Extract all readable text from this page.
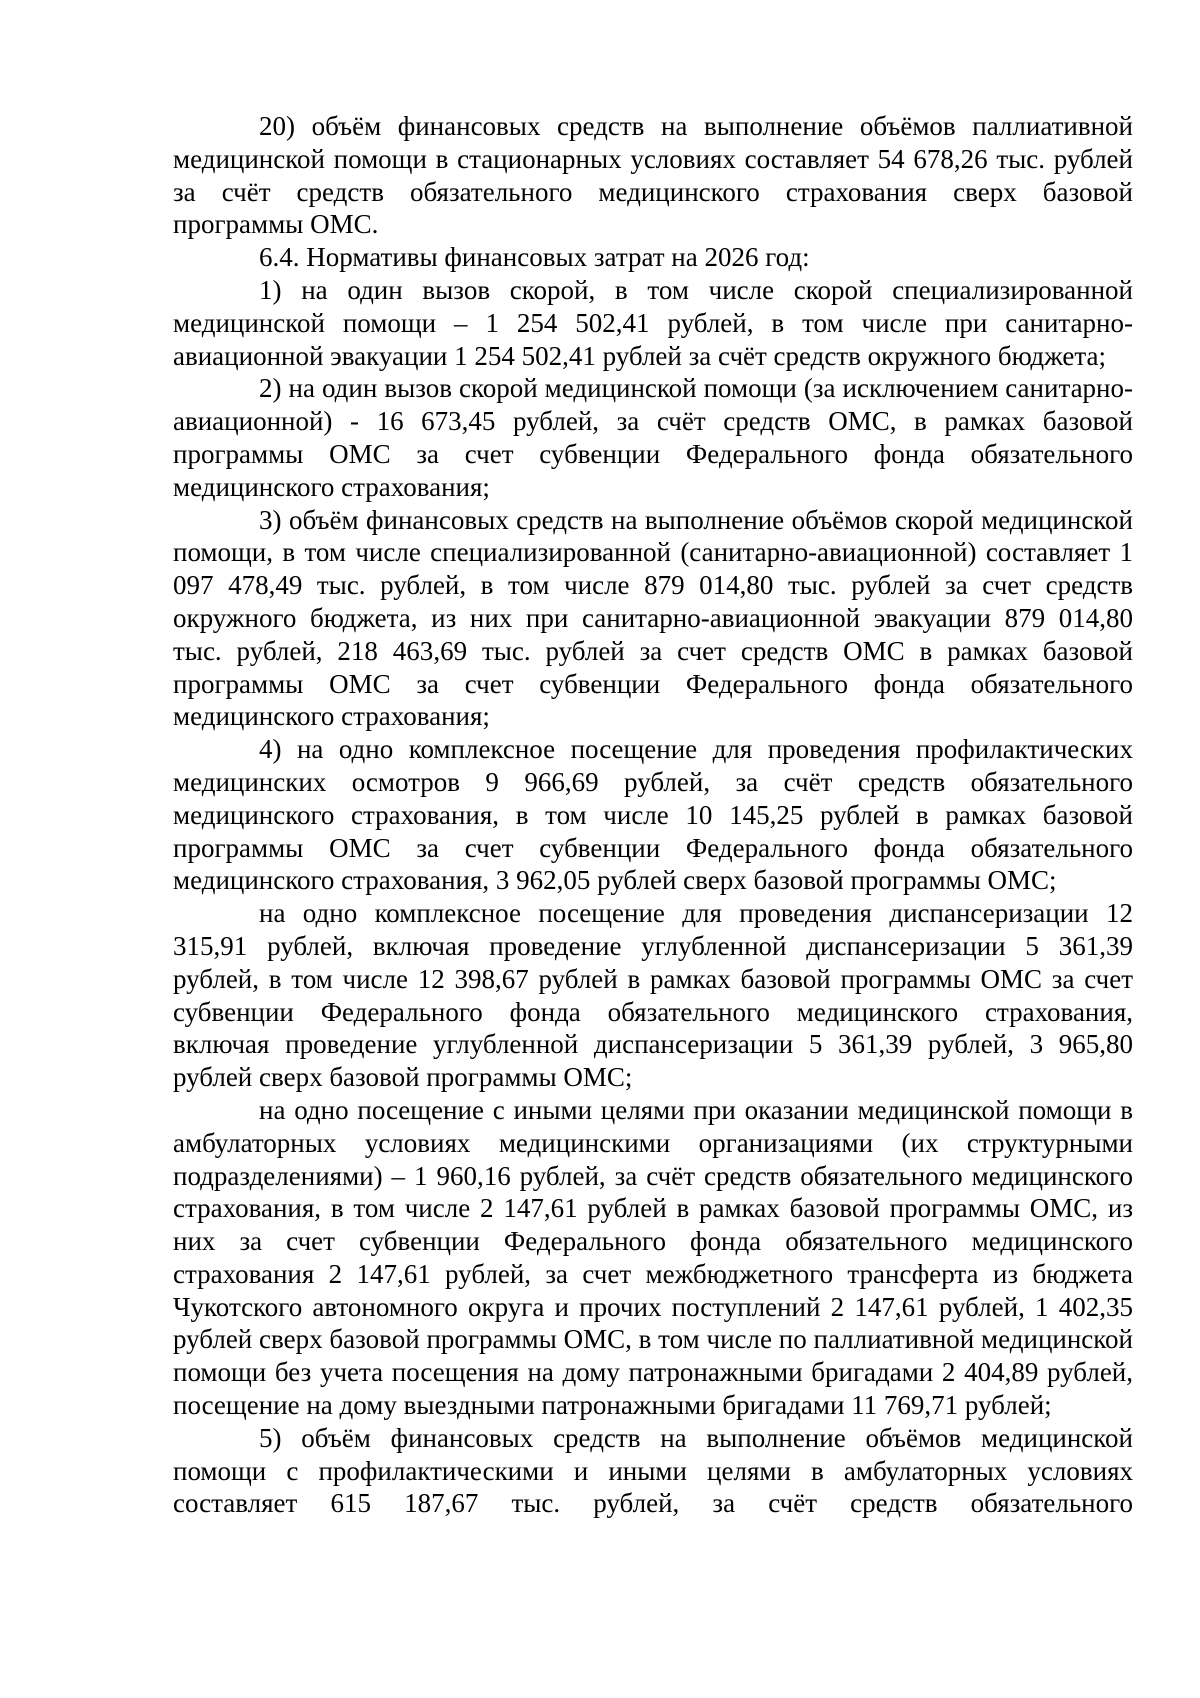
20) объём финансовых средств на выполнение объёмов паллиативной медицинской помощи в стационарных условиях составляет 54 678,26 тыс. рублей за счёт средств обязательного медицинского страхования сверх базовой программы ОМС.

6.4. Нормативы финансовых затрат на 2026 год:

1) на один вызов скорой, в том числе скорой специализированной медицинской помощи – 1 254 502,41 рублей, в том числе при санитарно-авиационной эвакуации 1 254 502,41 рублей за счёт средств окружного бюджета;

2) на один вызов скорой медицинской помощи (за исключением санитарно-авиационной) - 16 673,45 рублей, за счёт средств ОМС, в рамках базовой программы ОМС за счет субвенции Федерального фонда обязательного медицинского страхования;

3) объём финансовых средств на выполнение объёмов скорой медицинской помощи, в том числе специализированной (санитарно-авиационной) составляет 1 097 478,49 тыс. рублей, в том числе 879 014,80 тыс. рублей за счет средств окружного бюджета, из них при санитарно-авиационной эвакуации 879 014,80 тыс. рублей, 218 463,69 тыс. рублей за счет средств ОМС в рамках базовой программы ОМС за счет субвенции Федерального фонда обязательного медицинского страхования;

4) на одно комплексное посещение для проведения профилактических медицинских осмотров 9 966,69 рублей, за счёт средств обязательного медицинского страхования, в том числе 10 145,25 рублей в рамках базовой программы ОМС за счет субвенции Федерального фонда обязательного медицинского страхования, 3 962,05 рублей сверх базовой программы ОМС;

на одно комплексное посещение для проведения диспансеризации 12 315,91 рублей, включая проведение углубленной диспансеризации 5 361,39 рублей, в том числе 12 398,67 рублей в рамках базовой программы ОМС за счет субвенции Федерального фонда обязательного медицинского страхования, включая проведение углубленной диспансеризации 5 361,39 рублей, 3 965,80 рублей сверх базовой программы ОМС;

на одно посещение с иными целями при оказании медицинской помощи в амбулаторных условиях медицинскими организациями (их структурными подразделениями) – 1 960,16 рублей, за счёт средств обязательного медицинского страхования, в том числе 2 147,61 рублей в рамках базовой программы ОМС, из них за счет субвенции Федерального фонда обязательного медицинского страхования 2 147,61 рублей, за счет межбюджетного трансферта из бюджета Чукотского автономного округа и прочих поступлений 2 147,61 рублей, 1 402,35 рублей сверх базовой программы ОМС, в том числе по паллиативной медицинской помощи без учета посещения на дому патронажными бригадами 2 404,89 рублей, посещение на дому выездными патронажными бригадами 11 769,71 рублей;

5) объём финансовых средств на выполнение объёмов медицинской помощи с профилактическими и иными целями в амбулаторных условиях составляет 615 187,67 тыс. рублей, за счёт средств обязательного
